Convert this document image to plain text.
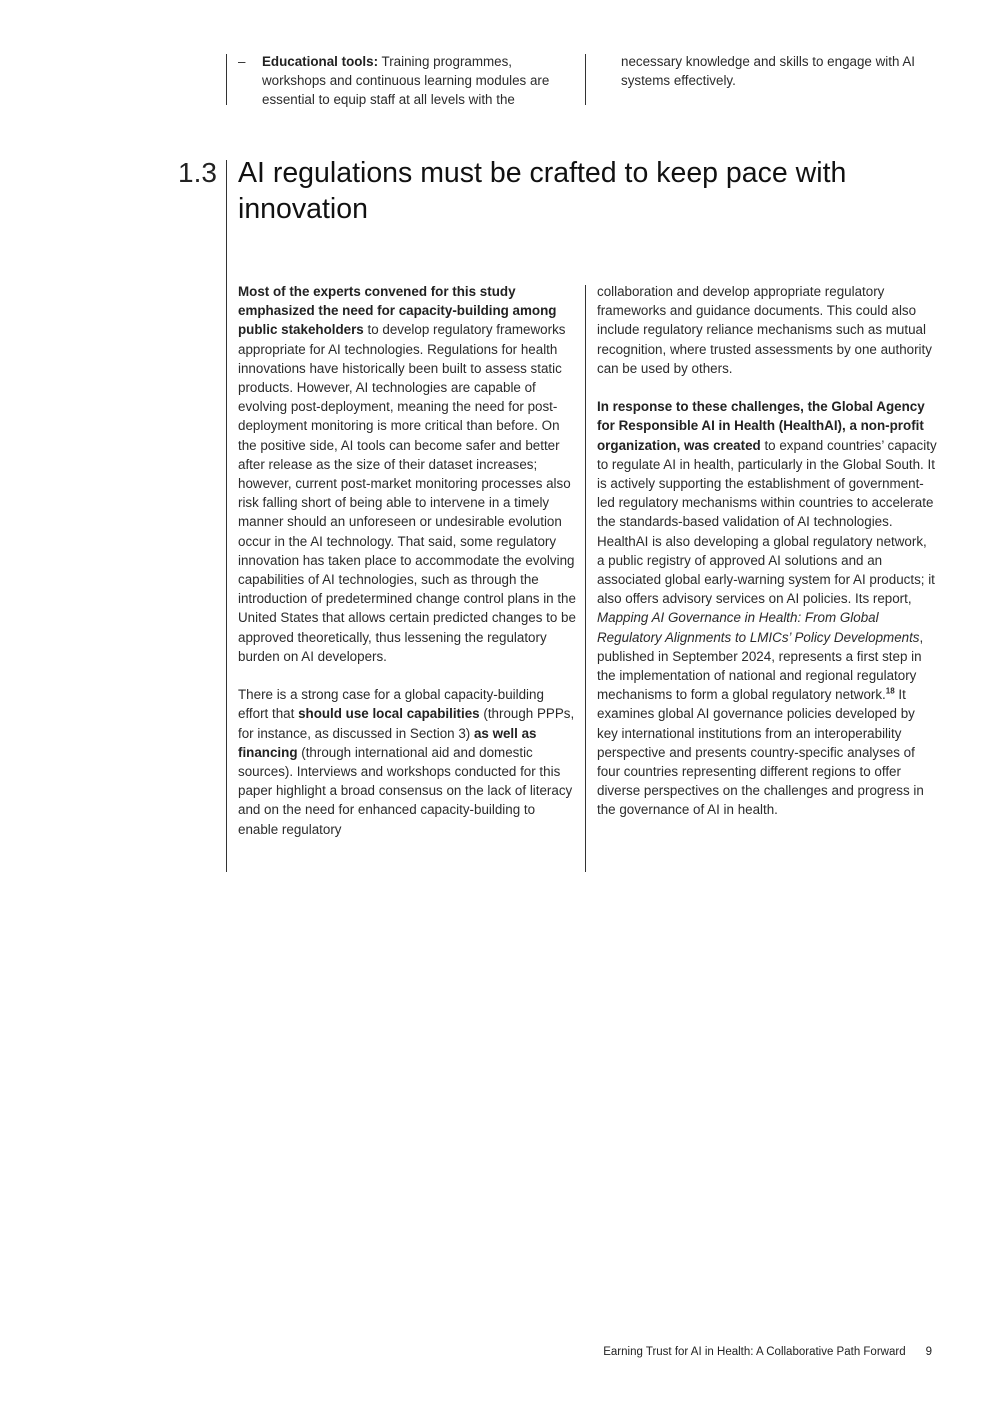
– Educational tools: Training programmes, workshops and continuous learning modules are essential to equip staff at all levels with the
necessary knowledge and skills to engage with AI systems effectively.
1.3 AI regulations must be crafted to keep pace with innovation

Most of the experts convened for this study emphasized the need for capacity-building among public stakeholders to develop regulatory frameworks appropriate for AI technologies. Regulations for health innovations have historically been built to assess static products. However, AI technologies are capable of evolving post-deployment, meaning the need for post-deployment monitoring is more critical than before. On the positive side, AI tools can become safer and better after release as the size of their dataset increases; however, current post-market monitoring processes also risk falling short of being able to intervene in a timely manner should an unforeseen or undesirable evolution occur in the AI technology. That said, some regulatory innovation has taken place to accommodate the evolving capabilities of AI technologies, such as through the introduction of predetermined change control plans in the United States that allows certain predicted changes to be approved theoretically, thus lessening the regulatory burden on AI developers.

There is a strong case for a global capacity-building effort that should use local capabilities (through PPPs, for instance, as discussed in Section 3) as well as financing (through international aid and domestic sources). Interviews and workshops conducted for this paper highlight a broad consensus on the lack of literacy and on the need for enhanced capacity-building to enable regulatory

collaboration and develop appropriate regulatory frameworks and guidance documents. This could also include regulatory reliance mechanisms such as mutual recognition, where trusted assessments by one authority can be used by others.

In response to these challenges, the Global Agency for Responsible AI in Health (HealthAI), a non-profit organization, was created to expand countries’ capacity to regulate AI in health, particularly in the Global South. It is actively supporting the establishment of government-led regulatory mechanisms within countries to accelerate the standards-based validation of AI technologies. HealthAI is also developing a global regulatory network, a public registry of approved AI solutions and an associated global early-warning system for AI products; it also offers advisory services on AI policies. Its report, Mapping AI Governance in Health: From Global Regulatory Alignments to LMICs’ Policy Developments, published in September 2024, represents a first step in the implementation of national and regional regulatory mechanisms to form a global regulatory network.$^{18}$ It examines global AI governance policies developed by key international institutions from an interoperability perspective and presents country-specific analyses of four countries representing different regions to offer diverse perspectives on the challenges and progress in the governance of AI in health.

Earning Trust for AI in Health: A Collaborative Path Forward 9
